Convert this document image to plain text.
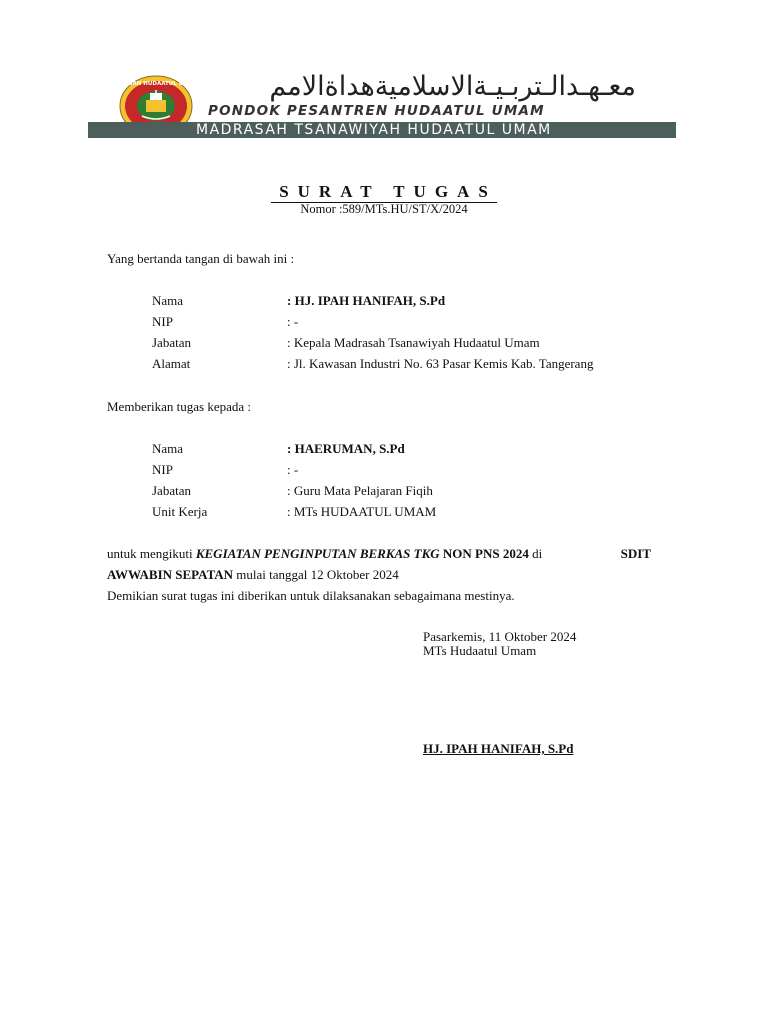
YAYASAN HUDAATUL UMAM	معـهـدالـتربـيـةالاسلاميةهداةالامم
PONDOK PESANTREN HUDAATUL UMAM
MADRASAH TSANAWIYAH HUDAATUL UMAM
SURAT TUGAS
Nomor :589/MTs.HU/ST/X/2024
Yang bertanda tangan di bawah ini :
Nama	: HJ. IPAH HANIFAH, S.Pd
NIP	: -
Jabatan	: Kepala Madrasah Tsanawiyah Hudaatul Umam
Alamat	: Jl. Kawasan Industri No. 63 Pasar Kemis Kab. Tangerang
Memberikan tugas kepada :
Nama	: HAERUMAN, S.Pd
NIP	: -
Jabatan	: Guru Mata Pelajaran Fiqih
Unit Kerja	: MTs HUDAATUL UMAM
untuk mengikuti KEGIATAN PENGINPUTAN BERKAS TKG NON PNS 2024 di	SDIT
AWWABIN SEPATAN mulai tanggal 12 Oktober 2024
Demikian surat tugas ini diberikan untuk dilaksanakan sebagaimana mestinya.
Pasarkemis, 11 Oktober 2024
MTs Hudaatul Umam
HJ. IPAH HANIFAH, S.Pd
